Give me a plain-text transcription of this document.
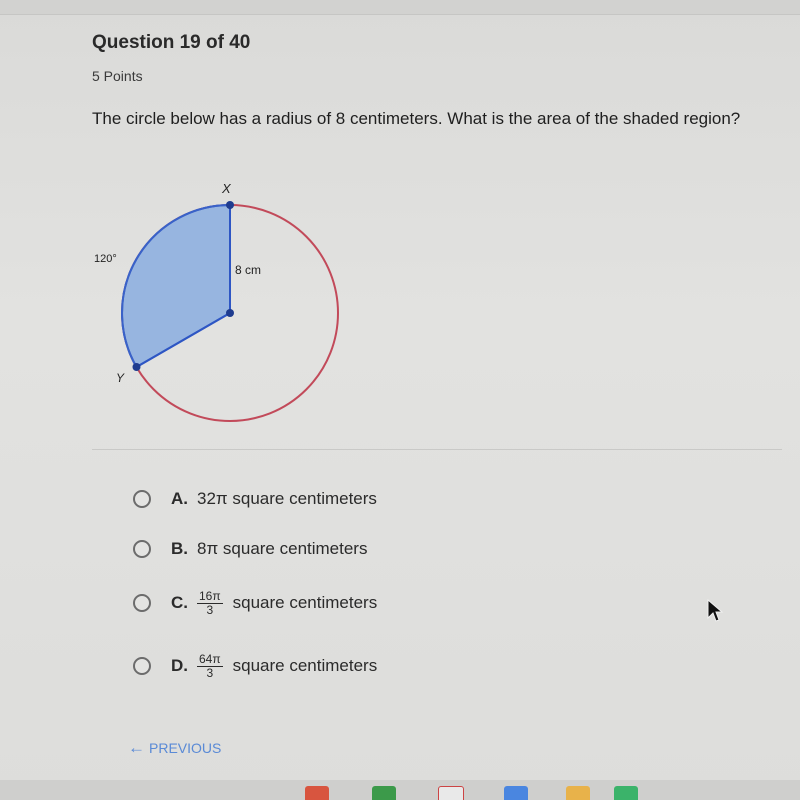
Question 19 of 40
5 Points
The circle below has a radius of 8 centimeters. What is the area of the shaded region?
X
Y
120°
8 cm
A. 32π square centimeters
B. 8π square centimeters
C. $\frac{16\pi}{3}$ square centimeters
D. $\frac{64\pi}{3}$ square centimeters
← PREVIOUS
